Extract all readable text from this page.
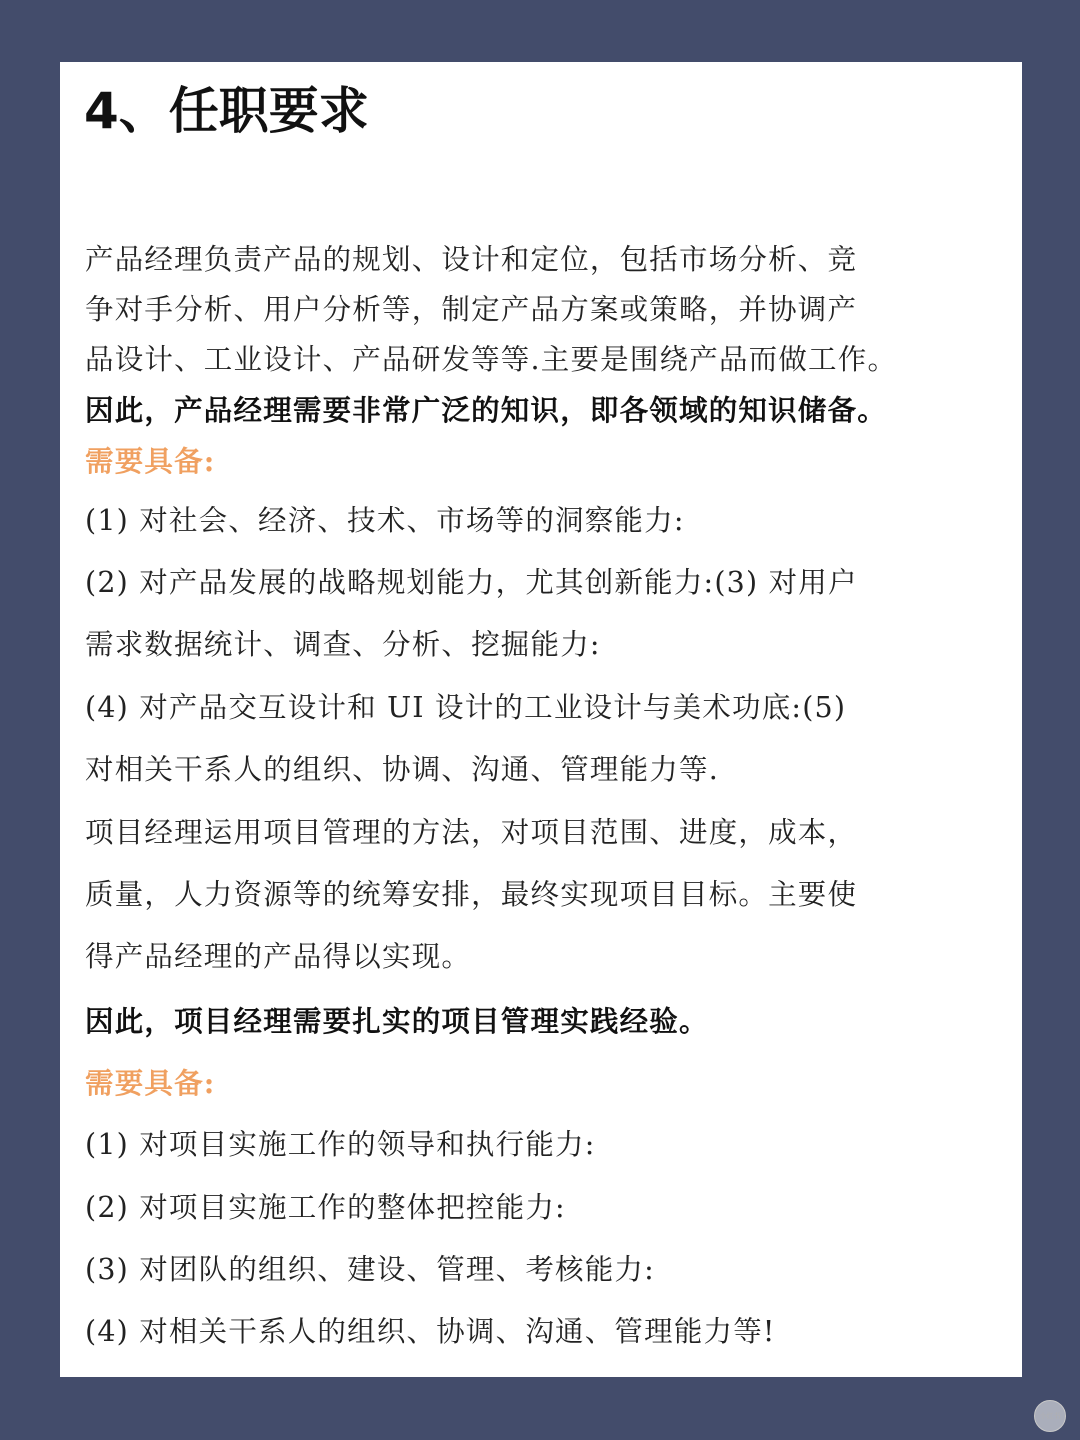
4、任职要求
产品经理负责产品的规划、设计和定位，包括市场分析、竞
争对手分析、用户分析等，制定产品方案或策略，并协调产
品设计、工业设计、产品研发等等.主要是围绕产品而做工作。
因此，产品经理需要非常广泛的知识，即各领域的知识储备。
需要具备:
(1) 对社会、经济、技术、市场等的洞察能力:
(2) 对产品发展的战略规划能力，尤其创新能力:(3) 对用户
需求数据统计、调查、分析、挖掘能力:
(4) 对产品交互设计和 UI 设计的工业设计与美术功底:(5)
对相关干系人的组织、协调、沟通、管理能力等.
项目经理运用项目管理的方法，对项目范围、进度，成本，
质量，人力资源等的统筹安排，最终实现项目目标。主要使
得产品经理的产品得以实现。
因此，项目经理需要扎实的项目管理实践经验。
需要具备:
(1) 对项目实施工作的领导和执行能力:
(2) 对项目实施工作的整体把控能力:
(3) 对团队的组织、建设、管理、考核能力:
(4) 对相关干系人的组织、协调、沟通、管理能力等!
小红书
